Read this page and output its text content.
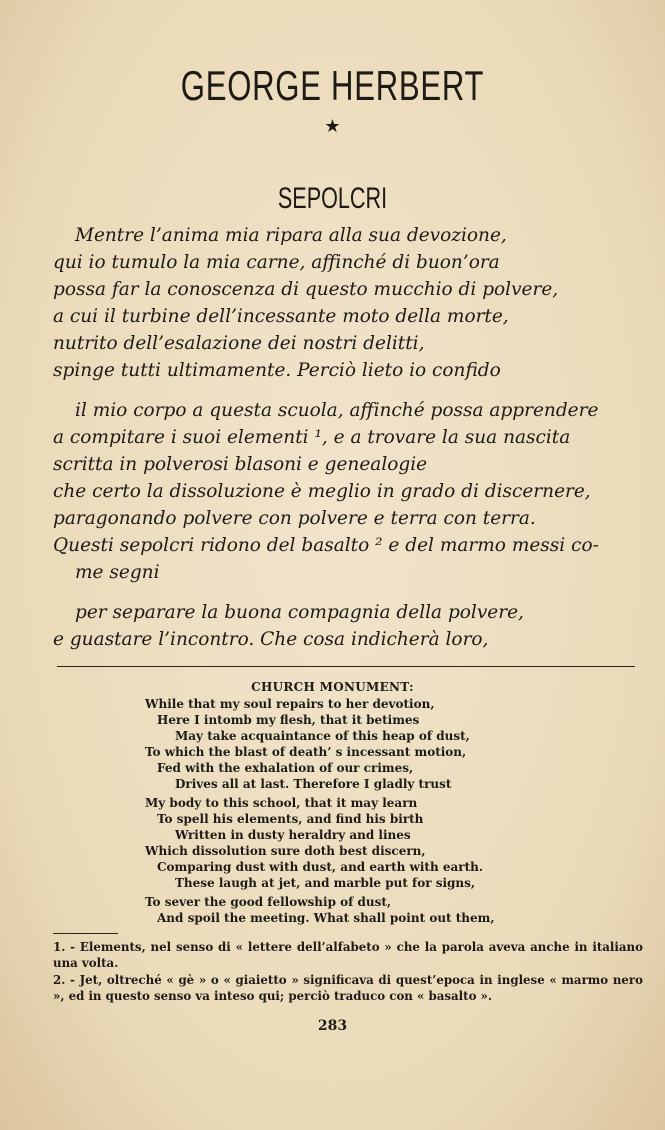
GEORGE HERBERT
★
SEPOLCRI
Mentre l’anima mia ripara alla sua devozione,
qui io tumulo la mia carne, affinché di buon’ora
possa far la conoscenza di questo mucchio di polvere,
a cui il turbine dell’incessante moto della morte,
nutrito dell’esalazione dei nostri delitti,
spinge tutti ultimamente. Perciò lieto io confido
il mio corpo a questa scuola, affinché possa apprendere
a compitare i suoi elementi ¹, e a trovare la sua nascita
scritta in polverosi blasoni e genealogie
che certo la dissoluzione è meglio in grado di discernere,
paragonando polvere con polvere e terra con terra.
Questi sepolcri ridono del basalto ² e del marmo messi co-
me segni
per separare la buona compagnia della polvere,
e guastare l’incontro. Che cosa indicherà loro,
CHURCH MONUMENT:
While that my soul repairs to her devotion,
Here I intomb my flesh, that it betimes
May take acquaintance of this heap of dust,
To which the blast of death’ s incessant motion,
Fed with the exhalation of our crimes,
Drives all at last. Therefore I gladly trust
My body to this school, that it may learn
To spell his elements, and find his birth
Written in dusty heraldry and lines
Which dissolution sure doth best discern,
Comparing dust with dust, and earth with earth.
These laugh at jet, and marble put for signs,
To sever the good fellowship of dust,
And spoil the meeting. What shall point out them,
1. - Elements, nel senso di « lettere dell’alfabeto » che la parola aveva anche in italiano una volta.
2. - Jet, oltreché « gè » o « giaietto » significava di quest’epoca in inglese « marmo nero », ed in questo senso va inteso qui; perciò traduco con « basalto ».
283
